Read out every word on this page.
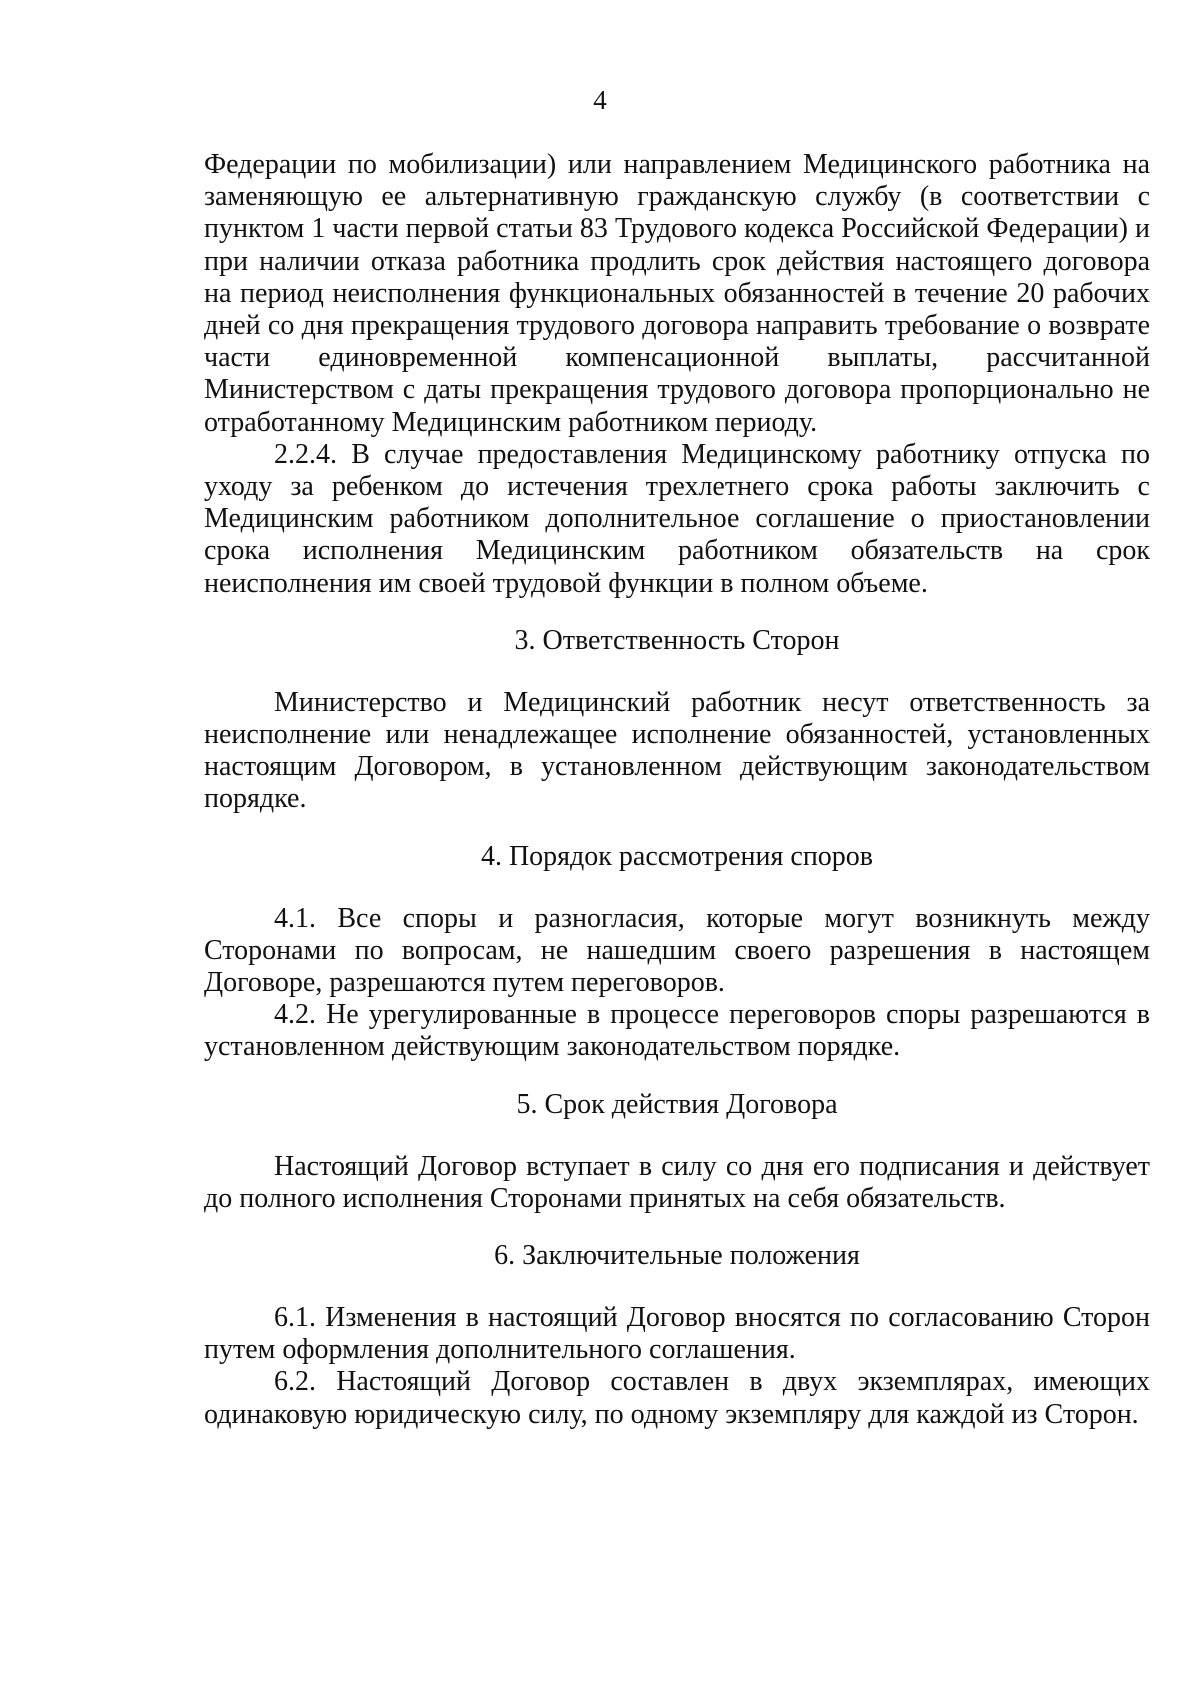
4

Федерации по мобилизации) или направлением Медицинского работника на заменяющую ее альтернативную гражданскую службу (в соответствии с пунктом 1 части первой статьи 83 Трудового кодекса Российской Федерации) и при наличии отказа работника продлить срок действия настоящего договора на период неисполнения функциональных обязанностей в течение 20 рабочих дней со дня прекращения трудового договора направить требование о возврате части единовременной компенсационной выплаты, рассчитанной Министерством с даты прекращения трудового договора пропорционально не отработанному Медицинским работником периоду.

2.2.4. В случае предоставления Медицинскому работнику отпуска по уходу за ребенком до истечения трехлетнего срока работы заключить с Медицинским работником дополнительное соглашение о приостановлении срока исполнения Медицинским работником обязательств на срок неисполнения им своей трудовой функции в полном объеме.

3. Ответственность Сторон

Министерство и Медицинский работник несут ответственность за неисполнение или ненадлежащее исполнение обязанностей, установленных настоящим Договором, в установленном действующим законодательством порядке.

4. Порядок рассмотрения споров

4.1. Все споры и разногласия, которые могут возникнуть между Сторонами по вопросам, не нашедшим своего разрешения в настоящем Договоре, разрешаются путем переговоров.

4.2. Не урегулированные в процессе переговоров споры разрешаются в установленном действующим законодательством порядке.

5. Срок действия Договора

Настоящий Договор вступает в силу со дня его подписания и действует до полного исполнения Сторонами принятых на себя обязательств.

6. Заключительные положения

6.1. Изменения в настоящий Договор вносятся по согласованию Сторон путем оформления дополнительного соглашения.

6.2. Настоящий Договор составлен в двух экземплярах, имеющих одинаковую юридическую силу, по одному экземпляру для каждой из Сторон.
